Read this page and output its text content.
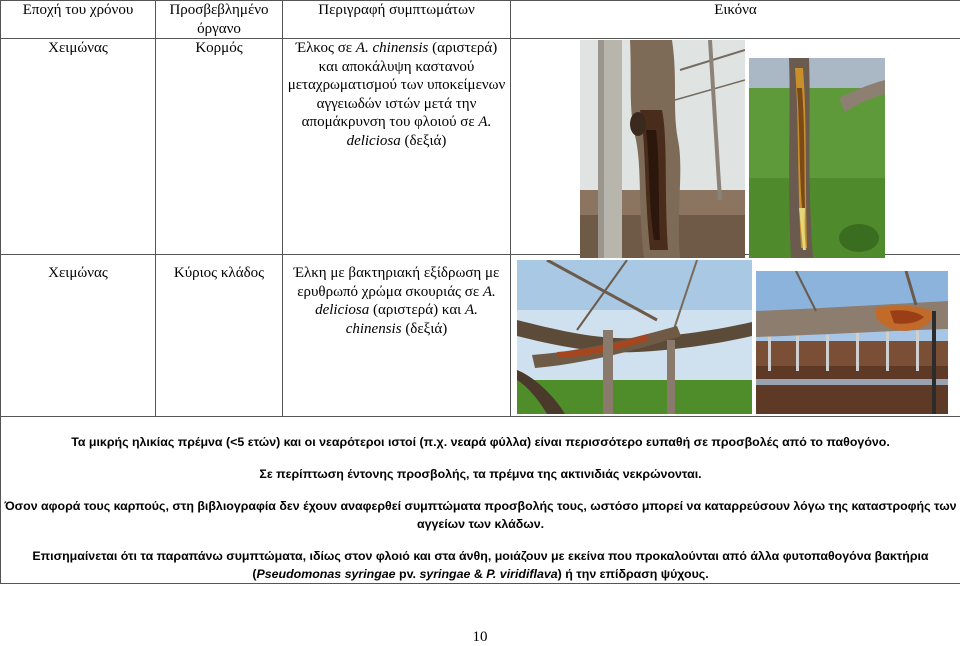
Εποχή του χρόνου	Προσβεβλημένο όργανο	Περιγραφή συμπτωμάτων	Εικόνα
Χειμώνας	Κορμός	Έλκος σε A. chinensis (αριστερά) και αποκάλυψη καστανού μεταχρωματισμού των υποκείμενων αγγειωδών ιστών μετά την απομάκρυνση του φλοιού σε A. deliciosa (δεξιά)	
Χειμώνας	Κύριος κλάδος	Έλκη με βακτηριακή εξίδρωση με ερυθρωπό χρώμα σκουριάς σε A. deliciosa (αριστερά) και A. chinensis (δεξιά)	

Τα μικρής ηλικίας πρέμνα (<5 ετών) και οι νεαρότεροι ιστοί (π.χ. νεαρά φύλλα) είναι περισσότερο ευπαθή σε προσβολές από το παθογόνο.

Σε περίπτωση έντονης προσβολής, τα πρέμνα της ακτινιδιάς νεκρώνονται.

Όσον αφορά τους καρπούς, στη βιβλιογραφία δεν έχουν αναφερθεί συμπτώματα προσβολής τους, ωστόσο μπορεί να καταρρεύσουν λόγω της καταστροφής των αγγείων των κλάδων.

Επισημαίνεται ότι τα παραπάνω συμπτώματα, ιδίως στον φλοιό και στα άνθη, μοιάζουν με εκείνα που προκαλούνται από άλλα φυτοπαθογόνα βακτήρια (Pseudomonas syringae pv. syringae & P. viridiflava) ή την επίδραση ψύχους.			

10
